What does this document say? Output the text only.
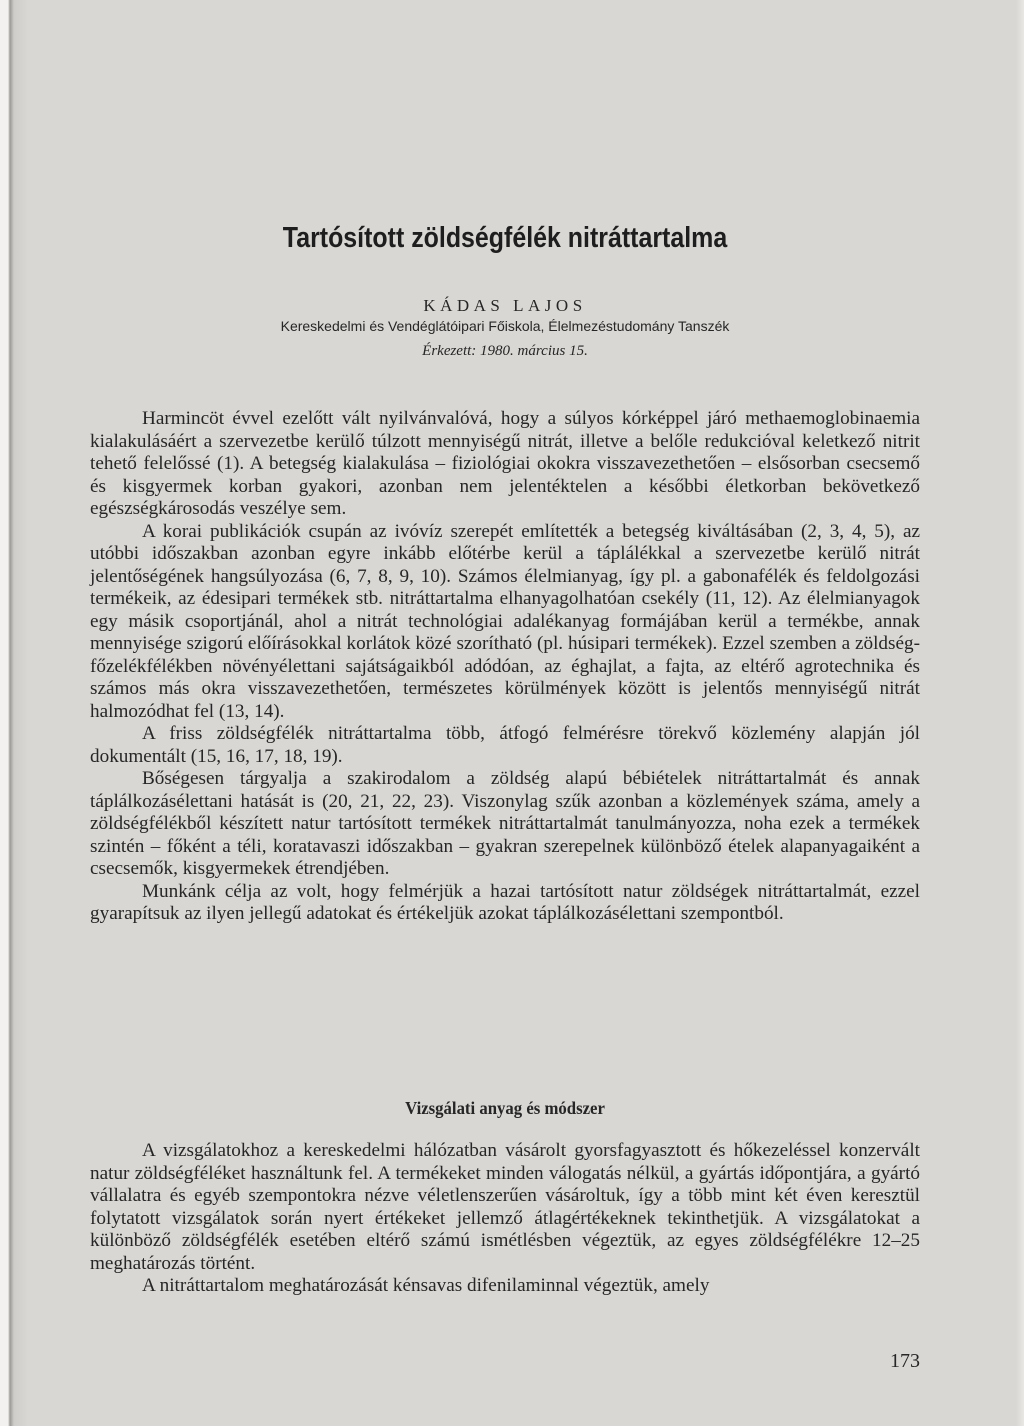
Tartósított zöldségfélék nitráttartalma
KÁDAS LAJOS
Kereskedelmi és Vendéglátóipari Főiskola, Élelmezéstudomány Tanszék
Érkezett: 1980. március 15.

Harmincöt évvel ezelőtt vált nyilvánvalóvá, hogy a súlyos kórképpel járó methaemoglobinaemia kialakulásáért a szervezetbe kerülő túlzott mennyiségű nitrát, illetve a belőle redukcióval keletkező nitrit tehető felelőssé (1). A betegség kialakulása – fiziológiai okokra visszavezethetően – elsősorban csecsemő és kisgyermek korban gyakori, azonban nem jelentéktelen a későbbi életkorban bekövetkező egészségkárosodás veszélye sem.

A korai publikációk csupán az ivóvíz szerepét említették a betegség kiváltásában (2, 3, 4, 5), az utóbbi időszakban azonban egyre inkább előtérbe kerül a táplálékkal a szervezetbe kerülő nitrát jelentőségének hangsúlyozása (6, 7, 8, 9, 10). Számos élelmianyag, így pl. a gabonafélék és feldolgozási termékeik, az édesipari termékek stb. nitráttartalma elhanyagolhatóan csekély (11, 12). Az élelmianyagok egy másik csoportjánál, ahol a nitrát technológiai adalékanyag formájában kerül a termékbe, annak mennyisége szigorú előírásokkal korlátok közé szorítható (pl. húsipari termékek). Ezzel szemben a zöldség-főzelékfélékben növényélettani sajátságaikból adódóan, az éghajlat, a fajta, az eltérő agrotechnika és számos más okra visszavezethetően, természetes körülmények között is jelentős mennyiségű nitrát halmozódhat fel (13, 14).

A friss zöldségfélék nitráttartalma több, átfogó felmérésre törekvő közlemény alapján jól dokumentált (15, 16, 17, 18, 19).

Bőségesen tárgyalja a szakirodalom a zöldség alapú bébiételek nitráttartalmát és annak táplálkozásélettani hatását is (20, 21, 22, 23). Viszonylag szűk azonban a közlemények száma, amely a zöldségfélékből készített natur tartósított termékek nitráttartalmát tanulmányozza, noha ezek a termékek szintén – főként a téli, koratavaszi időszakban – gyakran szerepelnek különböző ételek alapanyagaiként a csecsemők, kisgyermekek étrendjében.

Munkánk célja az volt, hogy felmérjük a hazai tartósított natur zöldségek nitráttartalmát, ezzel gyarapítsuk az ilyen jellegű adatokat és értékeljük azokat táplálkozásélettani szempontból.

Vizsgálati anyag és módszer

A vizsgálatokhoz a kereskedelmi hálózatban vásárolt gyorsfagyasztott és hőkezeléssel konzervált natur zöldségféléket használtunk fel. A termékeket minden válogatás nélkül, a gyártás időpontjára, a gyártó vállalatra és egyéb szempontokra nézve véletlenszerűen vásároltuk, így a több mint két éven keresztül folytatott vizsgálatok során nyert értékeket jellemző átlagértékeknek tekinthetjük. A vizsgálatokat a különböző zöldségfélék esetében eltérő számú ismétlésben végeztük, az egyes zöldségfélékre 12–25 meghatározás történt.

A nitráttartalom meghatározását kénsavas difenilaminnal végeztük, amely

173
